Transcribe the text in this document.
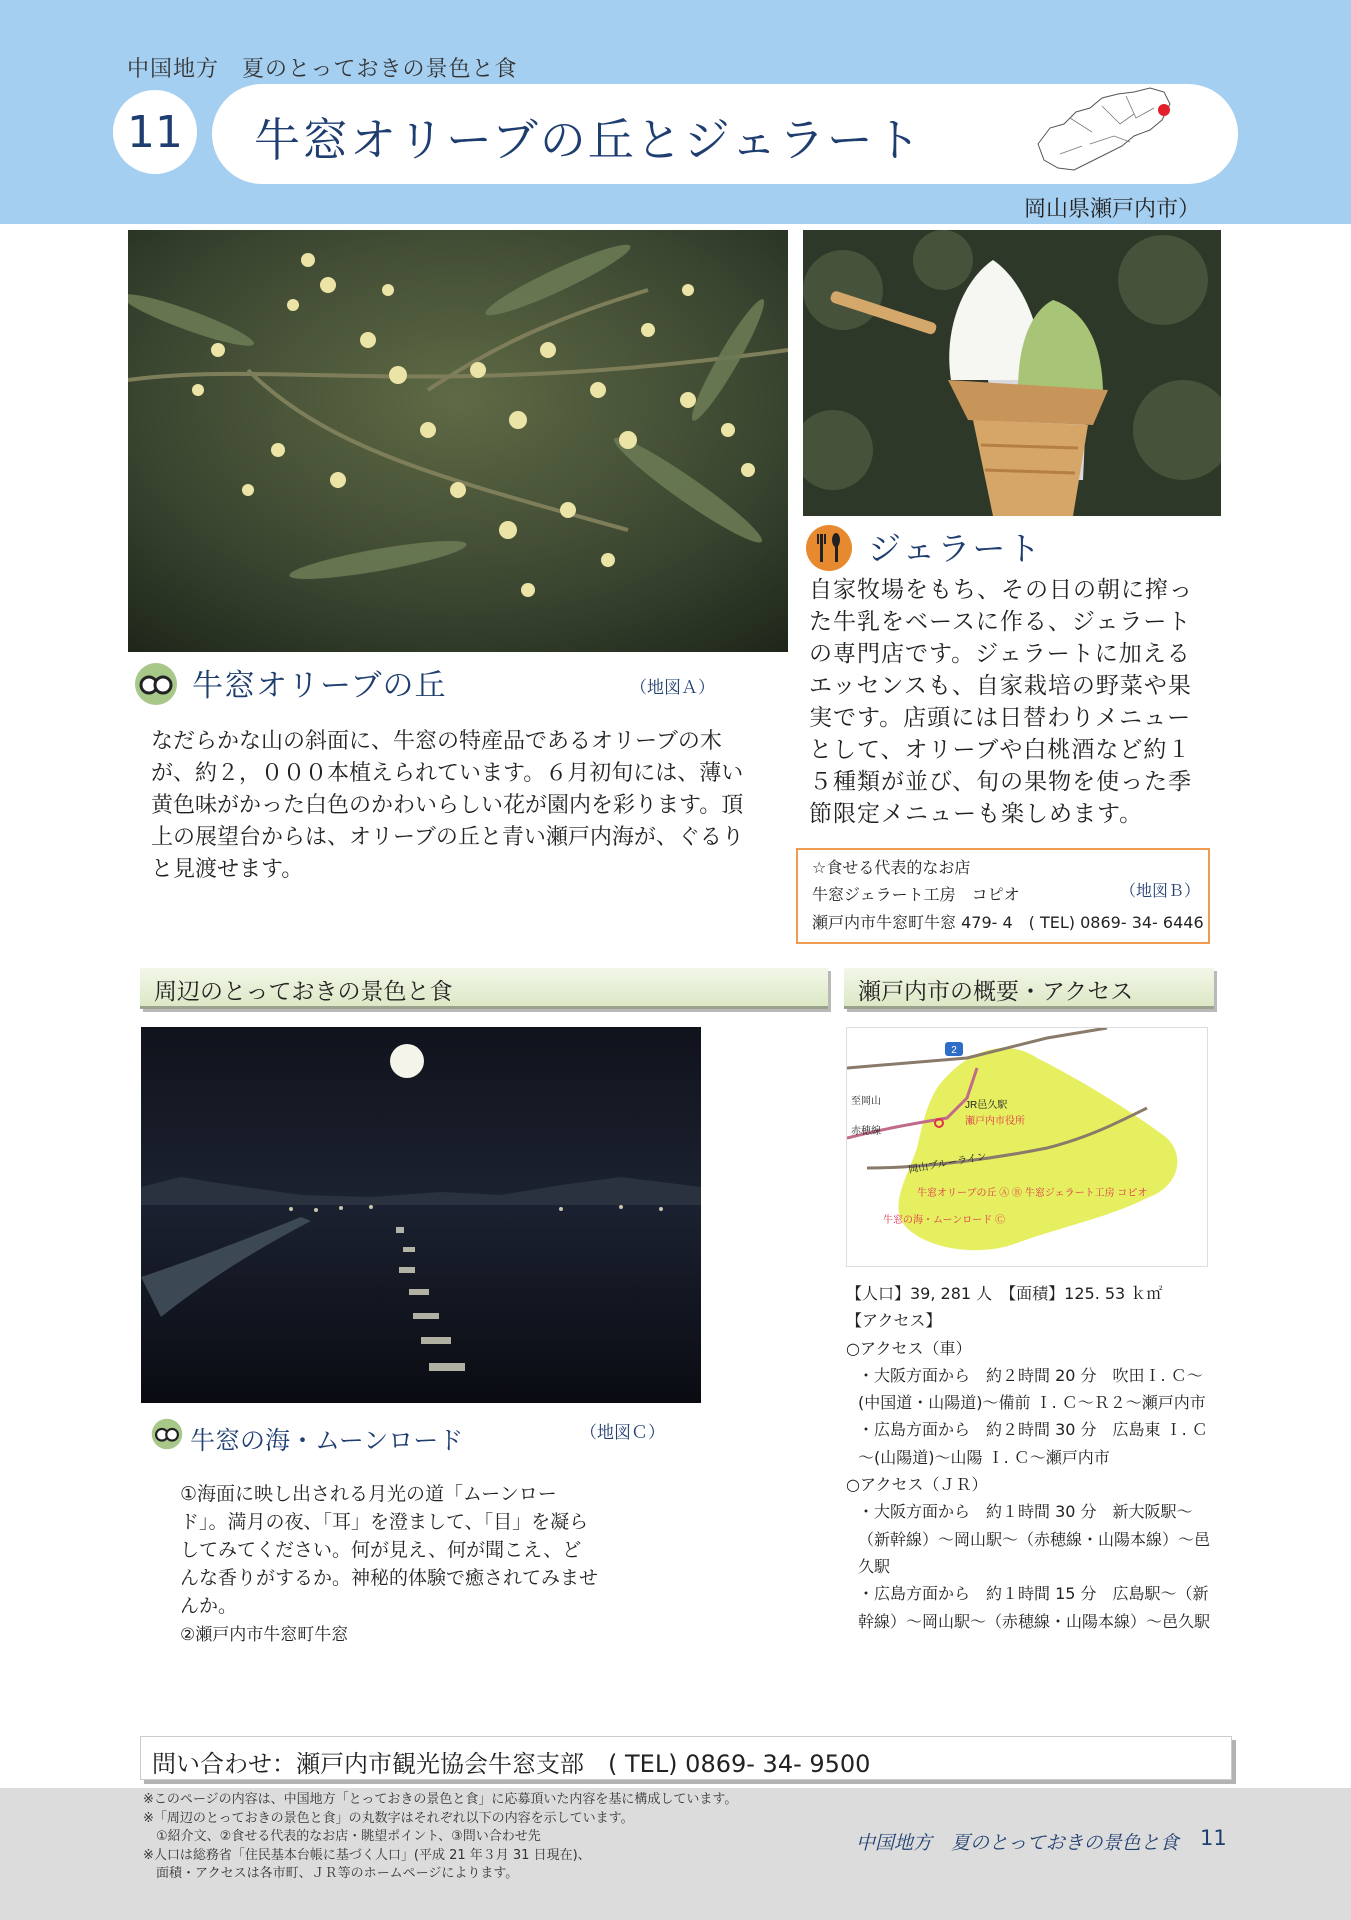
中国地方　夏のとっておきの景色と食
11	牛窓オリーブの丘とジェラート
岡山県瀬戸内市）
ジェラート
自家牧場をもち、その日の朝に搾った牛乳をベースに作る、ジェラートの専門店です。ジェラートに加えるエッセンスも、自家栽培の野菜や果実です。店頭には日替わりメニューとして、オリーブや白桃酒など約１５種類が並び、旬の果物を使った季節限定メニューも楽しめます。
☆食せる代表的なお店
牛窓ジェラート工房　コピオ	（地図Ｂ）
瀬戸内市牛窓町牛窓 479- 4　( TEL) 0869- 34- 6446
牛窓オリーブの丘	（地図Ａ）
なだらかな山の斜面に、牛窓の特産品であるオリーブの木が、約２，０００本植えられています。６月初旬には、薄い黄色味がかった白色のかわいらしい花が園内を彩ります。頂上の展望台からは、オリーブの丘と青い瀬戸内海が、ぐるりと見渡せます。
周辺のとっておきの景色と食	瀬戸内市の概要・アクセス
牛窓の海・ムーンロード	（地図Ｃ）
①海面に映し出される月光の道「ムーンロード」。満月の夜、「耳」を澄まして、「目」を凝らしてみてください。何が見え、何が聞こえ、どんな香りがするか。神秘的体験で癒されてみませんか。
②瀬戸内市牛窓町牛窓
2
至岡山
赤穂線
JR邑久駅
瀬戸内市役所
岡山ブルーライン
牛窓オリーブの丘 Ⓐ Ⓑ 牛窓ジェラート工房 コピオ
牛窓の海・ムーンロード Ⓒ
【人口】39, 281 人　【面積】125. 53 ｋ㎡
【アクセス】
○アクセス（車）
・大阪方面から　約２時間 20 分　吹田Ｉ. Ｃ～(中国道・山陽道)～備前 Ｉ. Ｃ～Ｒ２～瀬戸内市
・広島方面から　約２時間 30 分　広島東 Ｉ. Ｃ～(山陽道)～山陽 Ｉ. Ｃ～瀬戸内市
○アクセス（ＪＲ）
・大阪方面から　約１時間 30 分　新大阪駅～（新幹線）～岡山駅～（赤穂線・山陽本線）～邑久駅
・広島方面から　約１時間 15 分　広島駅～（新幹線）～岡山駅～（赤穂線・山陽本線）～邑久駅
問い合わせ：瀬戸内市観光協会牛窓支部　( TEL) 0869- 34- 9500
※このページの内容は、中国地方「とっておきの景色と食」に応募頂いた内容を基に構成しています。
※「周辺のとっておきの景色と食」の丸数字はそれぞれ以下の内容を示しています。
　①紹介文、②食せる代表的なお店・眺望ポイント、③問い合わせ先
※人口は総務省「住民基本台帳に基づく人口」(平成 21 年３月 31 日現在)、
　面積・アクセスは各市町、ＪＲ等のホームページによります。
中国地方　夏のとっておきの景色と食 11
